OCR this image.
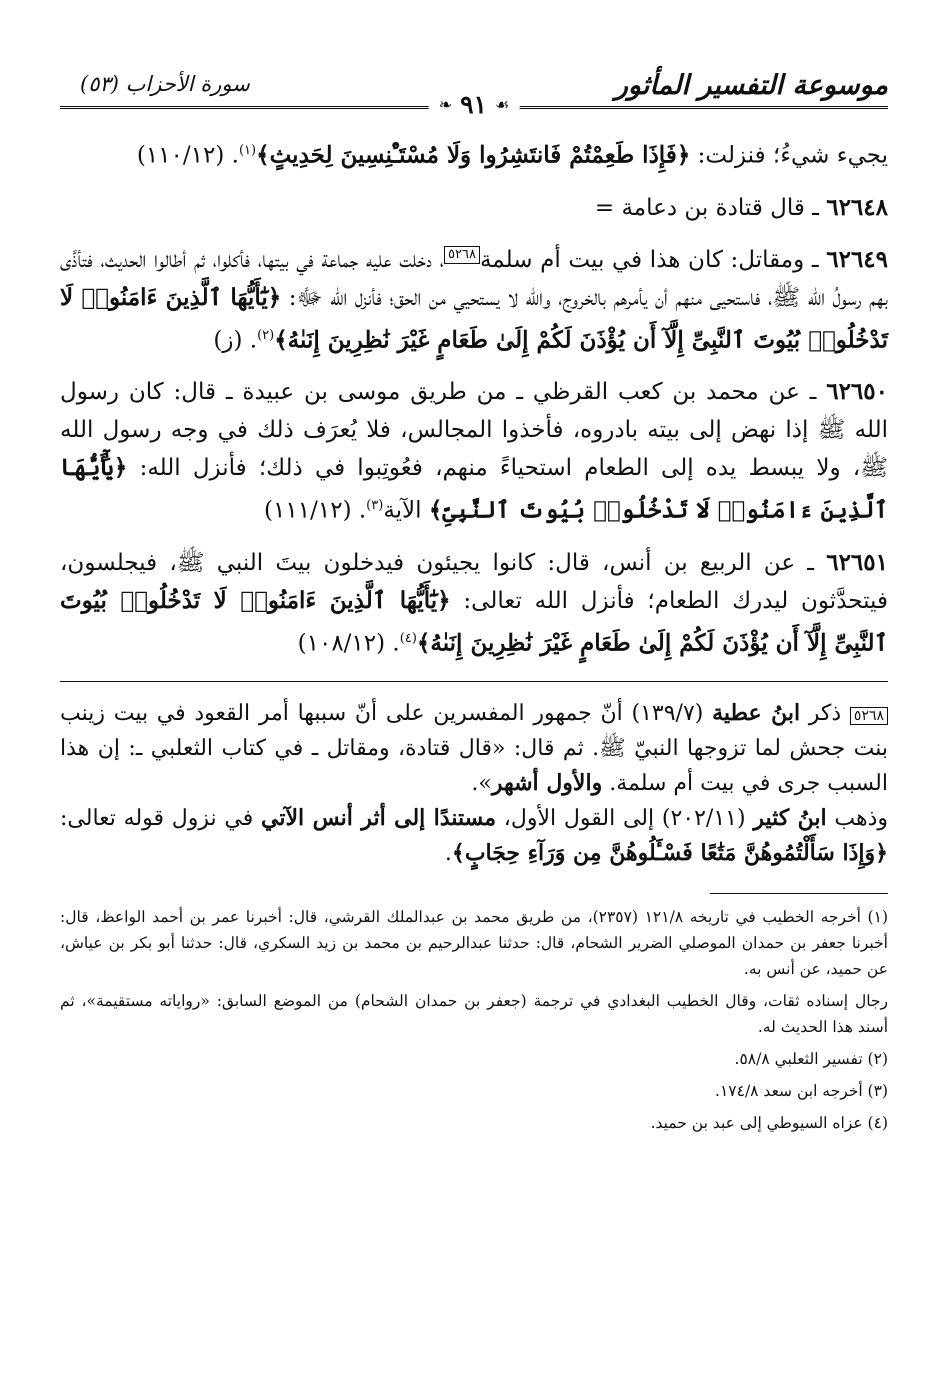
موسوعة التفسير المأثور
سورة الأحزاب (٥٣)
❧ ٩١ ☙

يجيء شيءُ؛ فنزلت: ﴿فَإِذَا طَعِمْتُمْ فَانتَشِرُوا وَلَا مُسْتَـْٔنِسِينَ لِحَدِيثٍ﴾$^{(١)}$. (١١٠/١٢)

٦٢٦٤٨ ـ قال قتادة بن دعامة =

٦٢٦٤٩ ـ ومقاتل: كان هذا في بيت أم سلمة٥٢٦٨، دخلت عليه جماعة في بيتها، فأكلوا، ثم أطالوا الحديث، فتأذَّى بهم رسولُ الله ﷺ، فاستحيى منهم أن يأمرهم بالخروج، والله لا يستحيي من الحق؛ فأنزل الله ﷻ: ﴿يَٰٓأَيُّهَا ٱلَّذِينَ ءَامَنُوا۟ لَا تَدْخُلُوا۟ بُيُوتَ ٱلنَّبِىِّ إِلَّآ أَن يُؤْذَنَ لَكُمْ إِلَىٰ طَعَامٍ غَيْرَ نَٰظِرِينَ إِنَىٰهُ﴾$^{(٢)}$. (ز)

٦٢٦٥٠ ـ عن محمد بن كعب القرظي ـ من طريق موسى بن عبيدة ـ قال: كان رسول الله ﷺ إذا نهض إلى بيته بادروه، فأخذوا المجالس، فلا يُعرَف ذلك في وجه رسول الله ﷺ، ولا يبسط يده إلى الطعام استحياءً منهم، فعُوتِبوا في ذلك؛ فأنزل الله: ﴿يَٰٓأَيُّهَا ٱلَّذِينَ ءَامَنُوا۟ لَا تَدْخُلُوا۟ بُيُوتَ ٱلنَّبِىِّ﴾ الآية$^{(٣)}$. (١١١/١٢)

٦٢٦٥١ ـ عن الربيع بن أنس، قال: كانوا يجيئون فيدخلون بيتَ النبي ﷺ، فيجلسون، فيتحدَّثون ليدرك الطعام؛ فأنزل الله تعالى: ﴿يَٰٓأَيُّهَا ٱلَّذِينَ ءَامَنُوا۟ لَا تَدْخُلُوا۟ بُيُوتَ ٱلنَّبِىِّ إِلَّآ أَن يُؤْذَنَ لَكُمْ إِلَىٰ طَعَامٍ غَيْرَ نَٰظِرِينَ إِنَىٰهُ﴾$^{(٤)}$. (١٠٨/١٢)

٥٢٦٨ ذكر ابنُ عطية (١٣٩/٧) أنّ جمهور المفسرين على أنّ سببها أمر القعود في بيت زينب بنت جحش لما تزوجها النبيّ ﷺ. ثم قال: «قال قتادة، ومقاتل ـ في كتاب الثعلبي ـ: إن هذا السبب جرى في بيت أم سلمة. والأول أشهر».

وذهب ابنُ كثير (٢٠٢/١١) إلى القول الأول، مستندًا إلى أثر أنس الآتي في نزول قوله تعالى: ﴿وَإِذَا سَأَلْتُمُوهُنَّ مَتَٰعًا فَسْـَٔلُوهُنَّ مِن وَرَآءِ حِجَابٍ﴾.

(١) أخرجه الخطيب في تاريخه ١٢١/٨ (٢٣٥٧)، من طريق محمد بن عبدالملك القرشي، قال: أخبرنا عمر بن أحمد الواعظ، قال: أخبرنا جعفر بن حمدان الموصلي الضرير الشحام، قال: حدثنا عبدالرحيم بن محمد بن زيد السكري، قال: حدثنا أبو بكر بن عياش، عن حميد، عن أنس به.

رجال إسناده ثقات، وقال الخطيب البغدادي في ترجمة (جعفر بن حمدان الشحام) من الموضع السابق: «رواياته مستقيمة»، ثم أسند هذا الحديث له.

(٢) تفسير الثعلبي ٥٨/٨.

(٣) أخرجه ابن سعد ١٧٤/٨.

(٤) عزاه السيوطي إلى عبد بن حميد.
